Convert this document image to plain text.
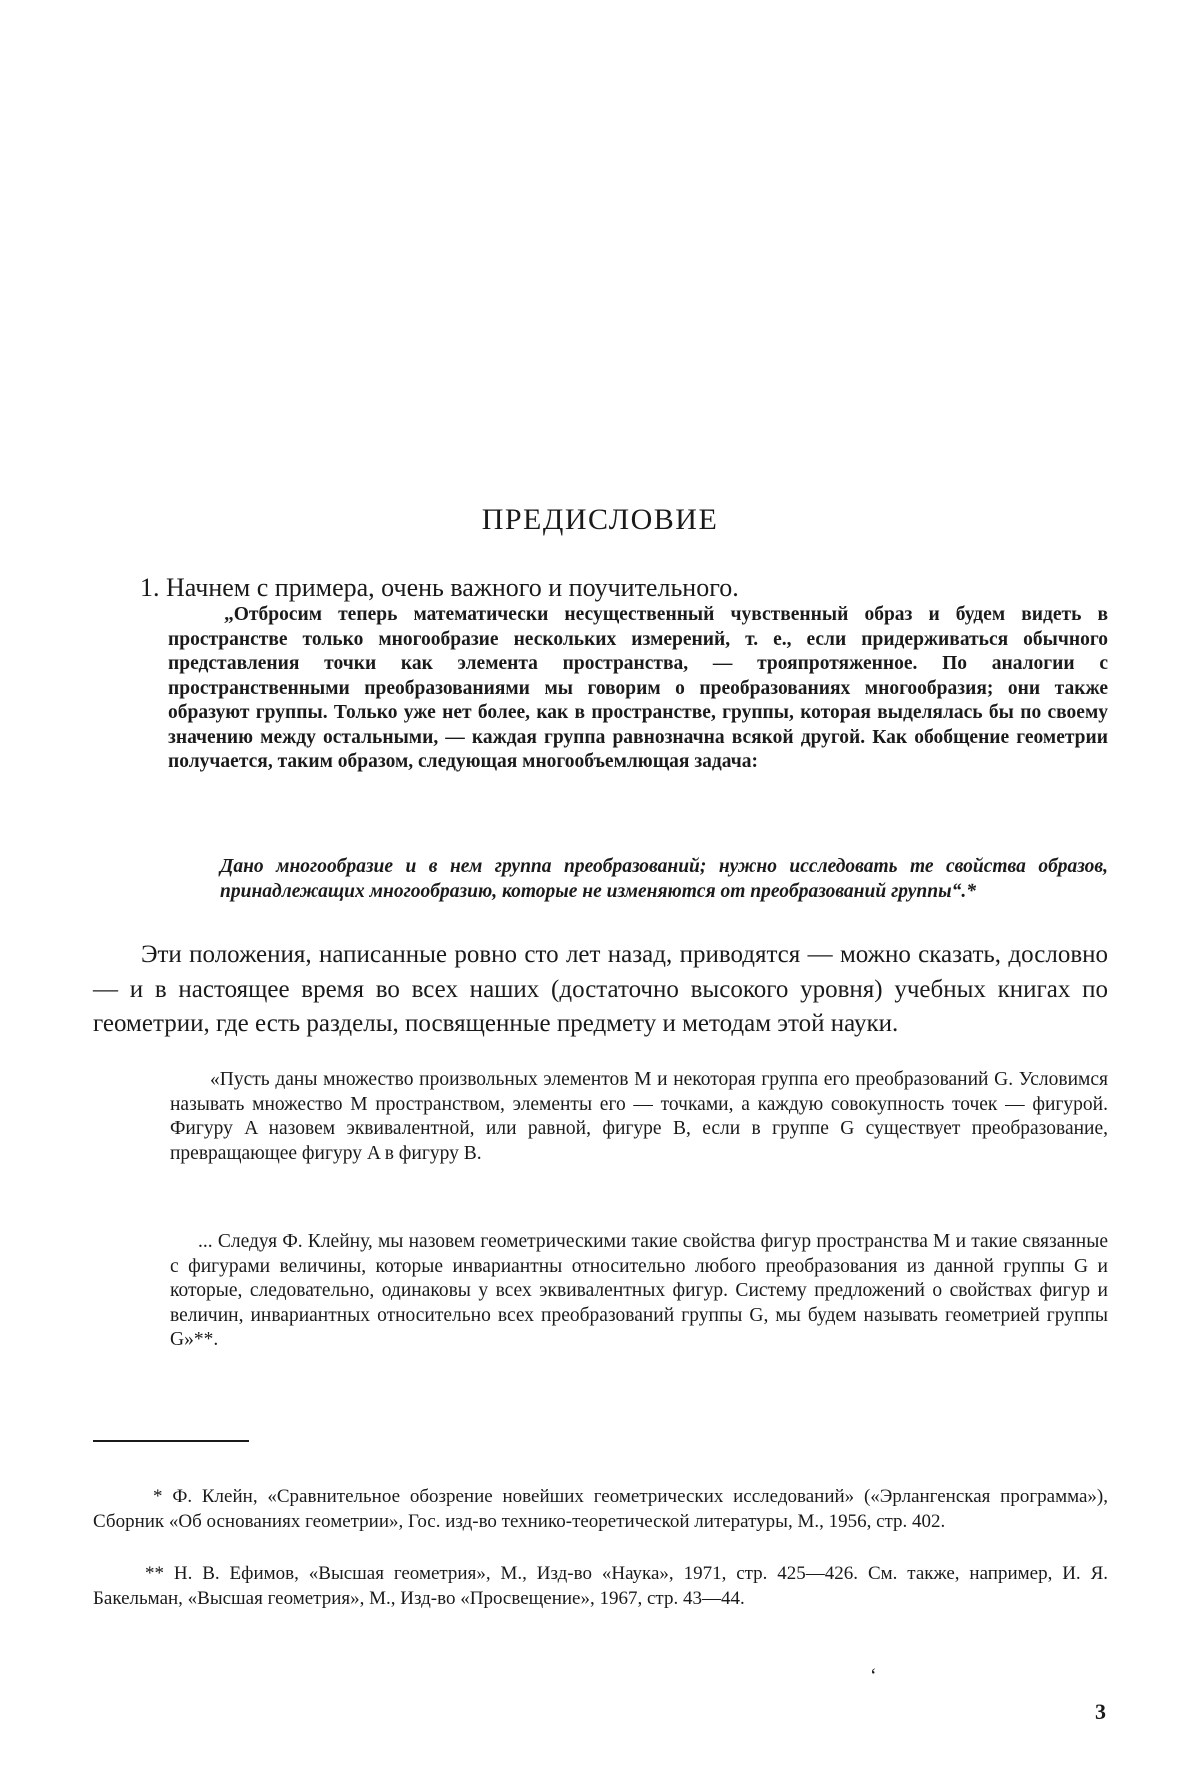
ПРЕДИСЛОВИЕ
1. Начнем с примера, очень важного и поучительного.

„Отбросим теперь математически несущественный чувственный образ и будем видеть в пространстве только многообразие нескольких измерений, т. е., если придерживаться обычного представления точки как элемента пространства, — трояпротяженное. По аналогии с пространственными преобразованиями мы говорим о преобразованиях многообразия; они также образуют группы. Только уже нет более, как в пространстве, группы, которая выделялась бы по своему значению между остальными, — каждая группа равнозначна всякой другой. Как обобщение геометрии получается, таким образом, следующая многообъемлющая задача:

Дано многообразие и в нем группа преобразований; нужно исследовать те свойства образов, принадлежащих многообразию, которые не изменяются от преобразований группы“.*

Эти положения, написанные ровно сто лет назад, приводятся — можно сказать, дословно — и в настоящее время во всех наших (достаточно высокого уровня) учебных книгах по геометрии, где есть разделы, посвященные предмету и методам этой науки.

«Пусть даны множество произвольных элементов M и некоторая группа его преобразований G. Условимся называть множество M пространством, элементы его — точками, а каждую совокупность точек — фигурой. Фигуру A назовем эквивалентной, или равной, фигуре B, если в группе G существует преобразование, превращающее фигуру A в фигуру B.

... Следуя Ф. Клейну, мы назовем геометрическими такие свойства фигур пространства M и такие связанные с фигурами величины, которые инвариантны относительно любого преобразования из данной группы G и которые, следовательно, одинаковы у всех эквивалентных фигур. Систему предложений о свойствах фигур и величин, инвариантных относительно всех преобразований группы G, мы будем называть геометрией группы G»**.

* Ф. Клейн, «Сравнительное обозрение новейших геометрических исследований» («Эрлангенская программа»), Сборник «Об основаниях геометрии», Гос. изд-во технико-теоретической литературы, М., 1956, стр. 402.

** Н. В. Ефимов, «Высшая геометрия», М., Изд-во «Наука», 1971, стр. 425—426. См. также, например, И. Я. Бакельман, «Высшая геометрия», М., Изд-во «Просвещение», 1967, стр. 43—44.

ʻ
3
